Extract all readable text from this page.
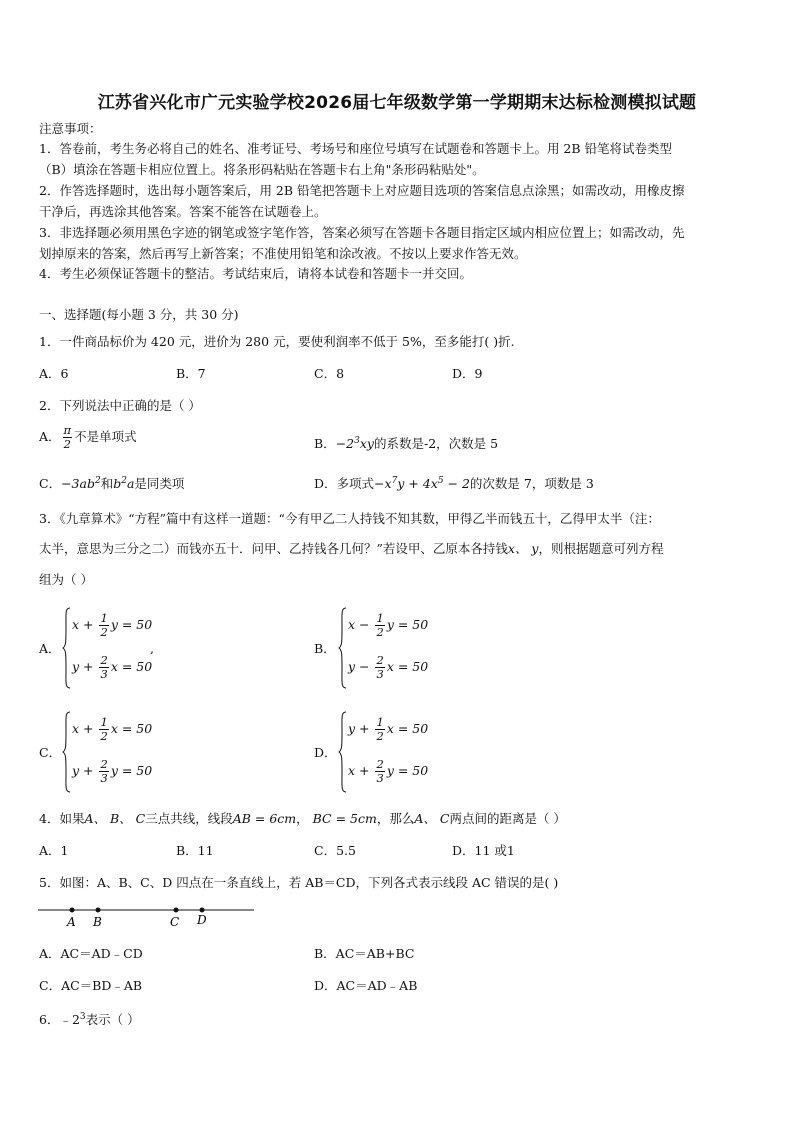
江苏省兴化市广元实验学校2026届七年级数学第一学期期末达标检测模拟试题
注意事项：
1．答卷前，考生务必将自己的姓名、准考证号、考场号和座位号填写在试题卷和答题卡上。用 2B 铅笔将试卷类型
（B）填涂在答题卡相应位置上。将条形码粘贴在答题卡右上角"条形码粘贴处"。
2．作答选择题时，选出每小题答案后，用 2B 铅笔把答题卡上对应题目选项的答案信息点涂黑；如需改动，用橡皮擦
干净后，再选涂其他答案。答案不能答在试题卷上。
3．非选择题必须用黑色字迹的钢笔或签字笔作答，答案必须写在答题卡各题目指定区域内相应位置上；如需改动，先
划掉原来的答案，然后再写上新答案；不准使用铅笔和涂改液。不按以上要求作答无效。
4．考生必须保证答题卡的整洁。考试结束后，请将本试卷和答题卡一并交回。
一、选择题(每小题 3 分，共 30 分)
1．一件商品标价为 420 元，进价为 280 元，要使利润率不低于 5%，至多能打( )折.
A．6	B．7	C．8	D．9
2．下列说法中正确的是（ ）
A． $\frac{\pi}{2}$ 不是单项式	B．$-2^3xy$的系数是-2，次数是 5
C．$-3ab^2$和$b^2a$是同类项	D．多项式$-x^7y + 4x^5 - 2$的次数是 7，项数是 3
3．《九章算术》“方程”篇中有这样一道题：“今有甲乙二人持钱不知其数，甲得乙半而钱五十，乙得甲太半（注：
太半，意思为三分之二）而钱亦五十．问甲、乙持钱各几何？”若设甲、乙原本各持钱x、 y，则根据题意可列方程
组为（ ）
A．
$x + \frac{1}{2}$ y = 50
$y + \frac{2}{3}$ x = 50
,	B．
$x - \frac{1}{2}$ y = 50
$y - \frac{2}{3}$ x = 50
C．
$x + \frac{1}{2}$ x = 50
$y + \frac{2}{3}$ y = 50
D．
$y + \frac{1}{2}$ x = 50
$x + \frac{2}{3}$ y = 50
4．如果A、 B、 C三点共线，线段AB = 6cm， BC = 5cm，那么A、 C两点间的距离是（ ）
A．1	B．11	C．5.5	D．11 或1
5．如图：A、B、C、D 四点在一条直线上，若 AB＝CD，下列各式表示线段 AC 错误的是( )
A B	C D
A．AC＝AD﹣CD	B．AC＝AB+BC
C．AC＝BD﹣AB	D．AC＝AD﹣AB
6．$﹣2^3$表示（ ）
